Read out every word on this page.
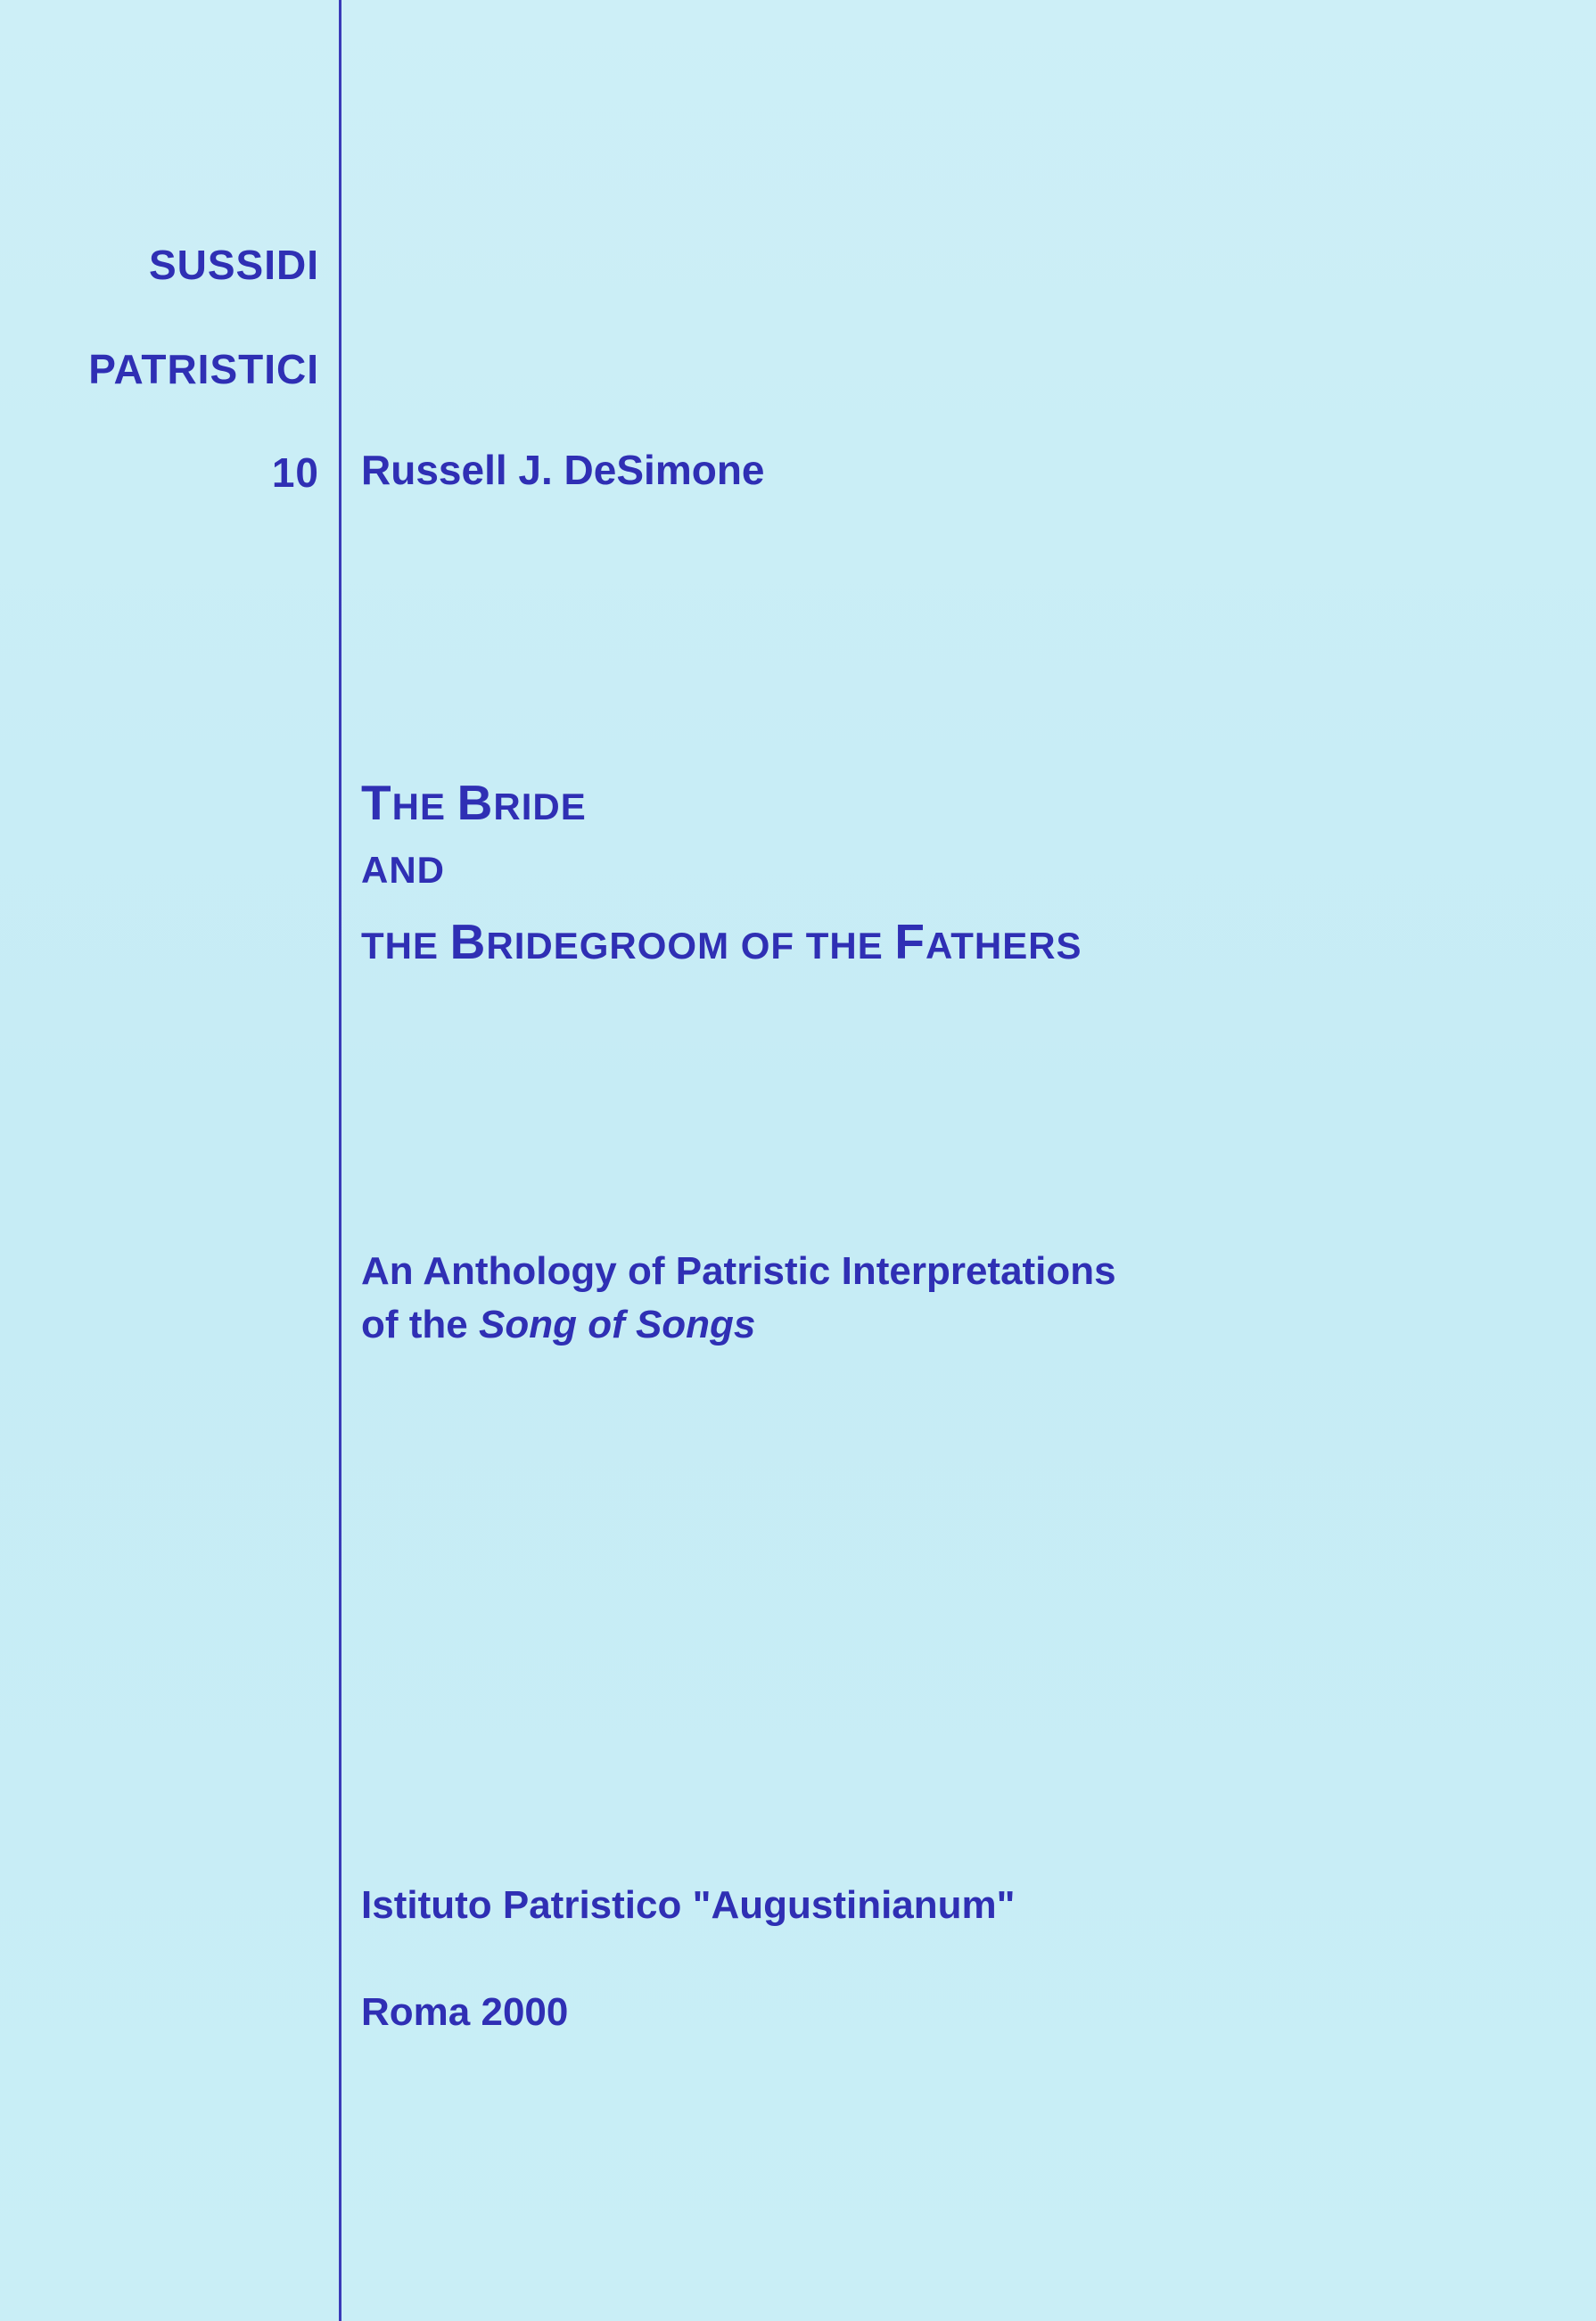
SUSSIDI
PATRISTICI
10 Russell J. DeSimone
THE BRIDE
AND
THE BRIDEGROOM OF THE FATHERS
An Anthology of Patristic Interpretations
of the Song of Songs
Istituto Patristico "Augustinianum"
Roma 2000
